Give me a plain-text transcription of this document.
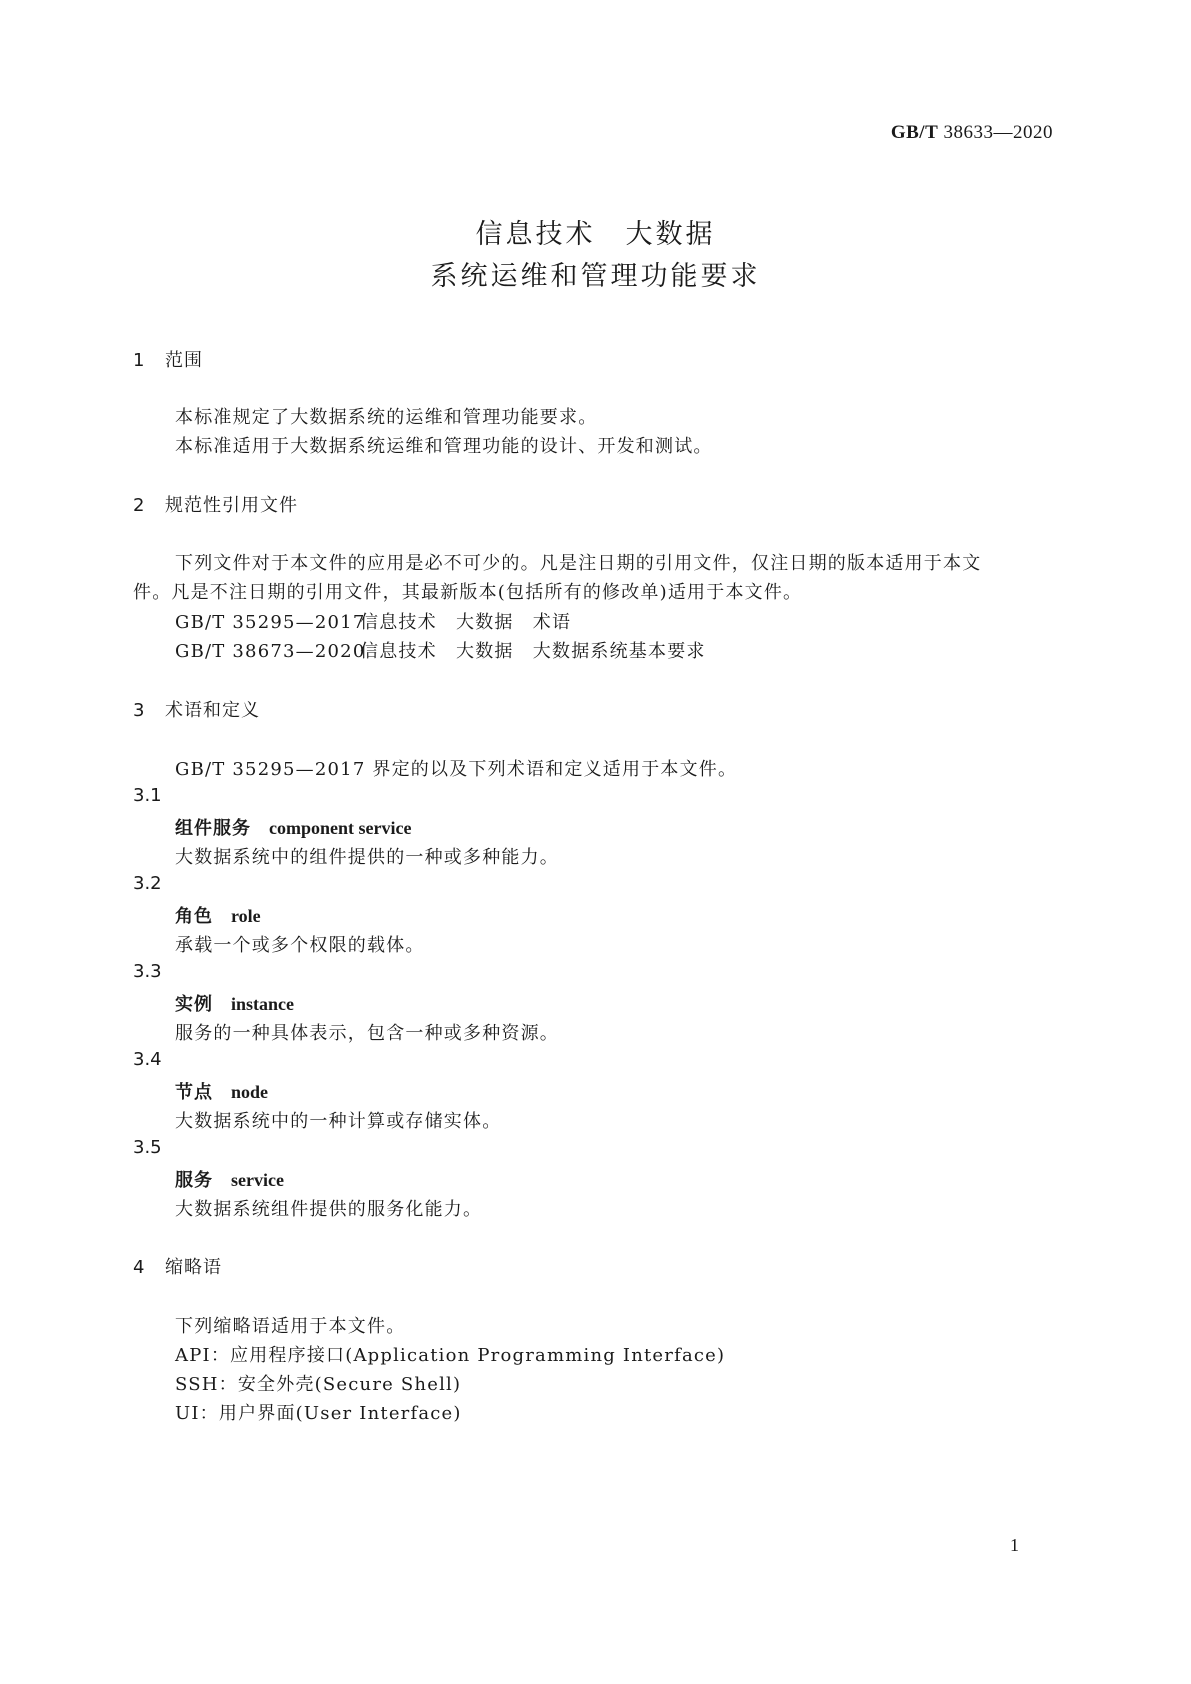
GB/T 38633—2020
信息技术　大数据
系统运维和管理功能要求
1 范围
本标准规定了大数据系统的运维和管理功能要求。
本标准适用于大数据系统运维和管理功能的设计、开发和测试。
2 规范性引用文件
下列文件对于本文件的应用是必不可少的。凡是注日期的引用文件，仅注日期的版本适用于本文
件。凡是不注日期的引用文件，其最新版本(包括所有的修改单)适用于本文件。
GB/T 35295—2017信息技术　大数据　术语
GB/T 38673—2020信息技术　大数据　大数据系统基本要求
3 术语和定义
GB/T 35295—2017 界定的以及下列术语和定义适用于本文件。
3.1
组件服务 component service
大数据系统中的组件提供的一种或多种能力。
3.2
角色 role
承载一个或多个权限的载体。
3.3
实例 instance
服务的一种具体表示，包含一种或多种资源。
3.4
节点 node
大数据系统中的一种计算或存储实体。
3.5
服务 service
大数据系统组件提供的服务化能力。
4 缩略语
下列缩略语适用于本文件。
API：应用程序接口(Application Programming Interface)
SSH：安全外壳(Secure Shell)
UI：用户界面(User Interface)
1
